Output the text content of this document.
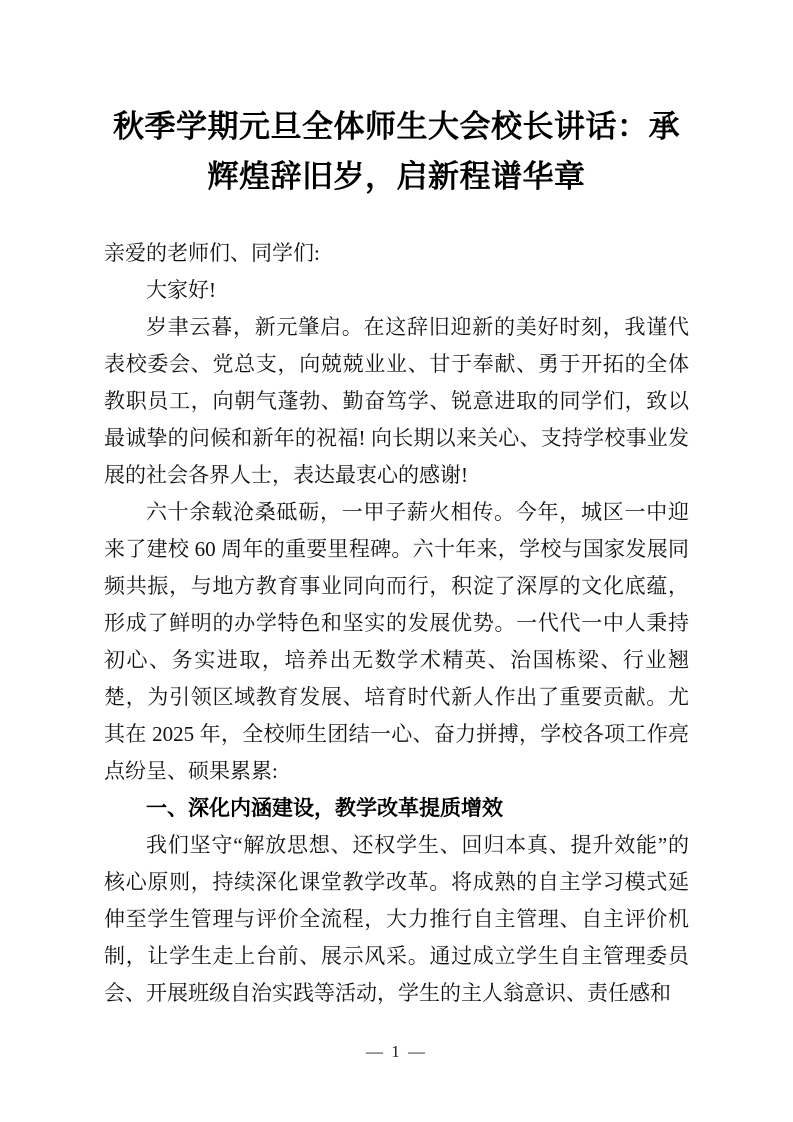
秋季学期元旦全体师生大会校长讲话：承辉煌辞旧岁，启新程谱华章

亲爱的老师们、同学们:

大家好!

岁聿云暮，新元肇启。在这辞旧迎新的美好时刻，我谨代表校委会、党总支，向兢兢业业、甘于奉献、勇于开拓的全体教职员工，向朝气蓬勃、勤奋笃学、锐意进取的同学们，致以最诚挚的问候和新年的祝福! 向长期以来关心、支持学校事业发展的社会各界人士，表达最衷心的感谢!

六十余载沧桑砥砺，一甲子薪火相传。今年，城区一中迎来了建校 60 周年的重要里程碑。六十年来，学校与国家发展同频共振，与地方教育事业同向而行，积淀了深厚的文化底蕴，形成了鲜明的办学特色和坚实的发展优势。一代代一中人秉持初心、务实进取，培养出无数学术精英、治国栋梁、行业翘楚，为引领区域教育发展、培育时代新人作出了重要贡献。尤其在 2025 年，全校师生团结一心、奋力拼搏，学校各项工作亮点纷呈、硕果累累:

一、深化内涵建设，教学改革提质增效

我们坚守“解放思想、还权学生、回归本真、提升效能”的核心原则，持续深化课堂教学改革。将成熟的自主学习模式延伸至学生管理与评价全流程，大力推行自主管理、自主评价机制，让学生走上台前、展示风采。通过成立学生自主管理委员会、开展班级自治实践等活动，学生的主人翁意识、责任感和

— 1 —
